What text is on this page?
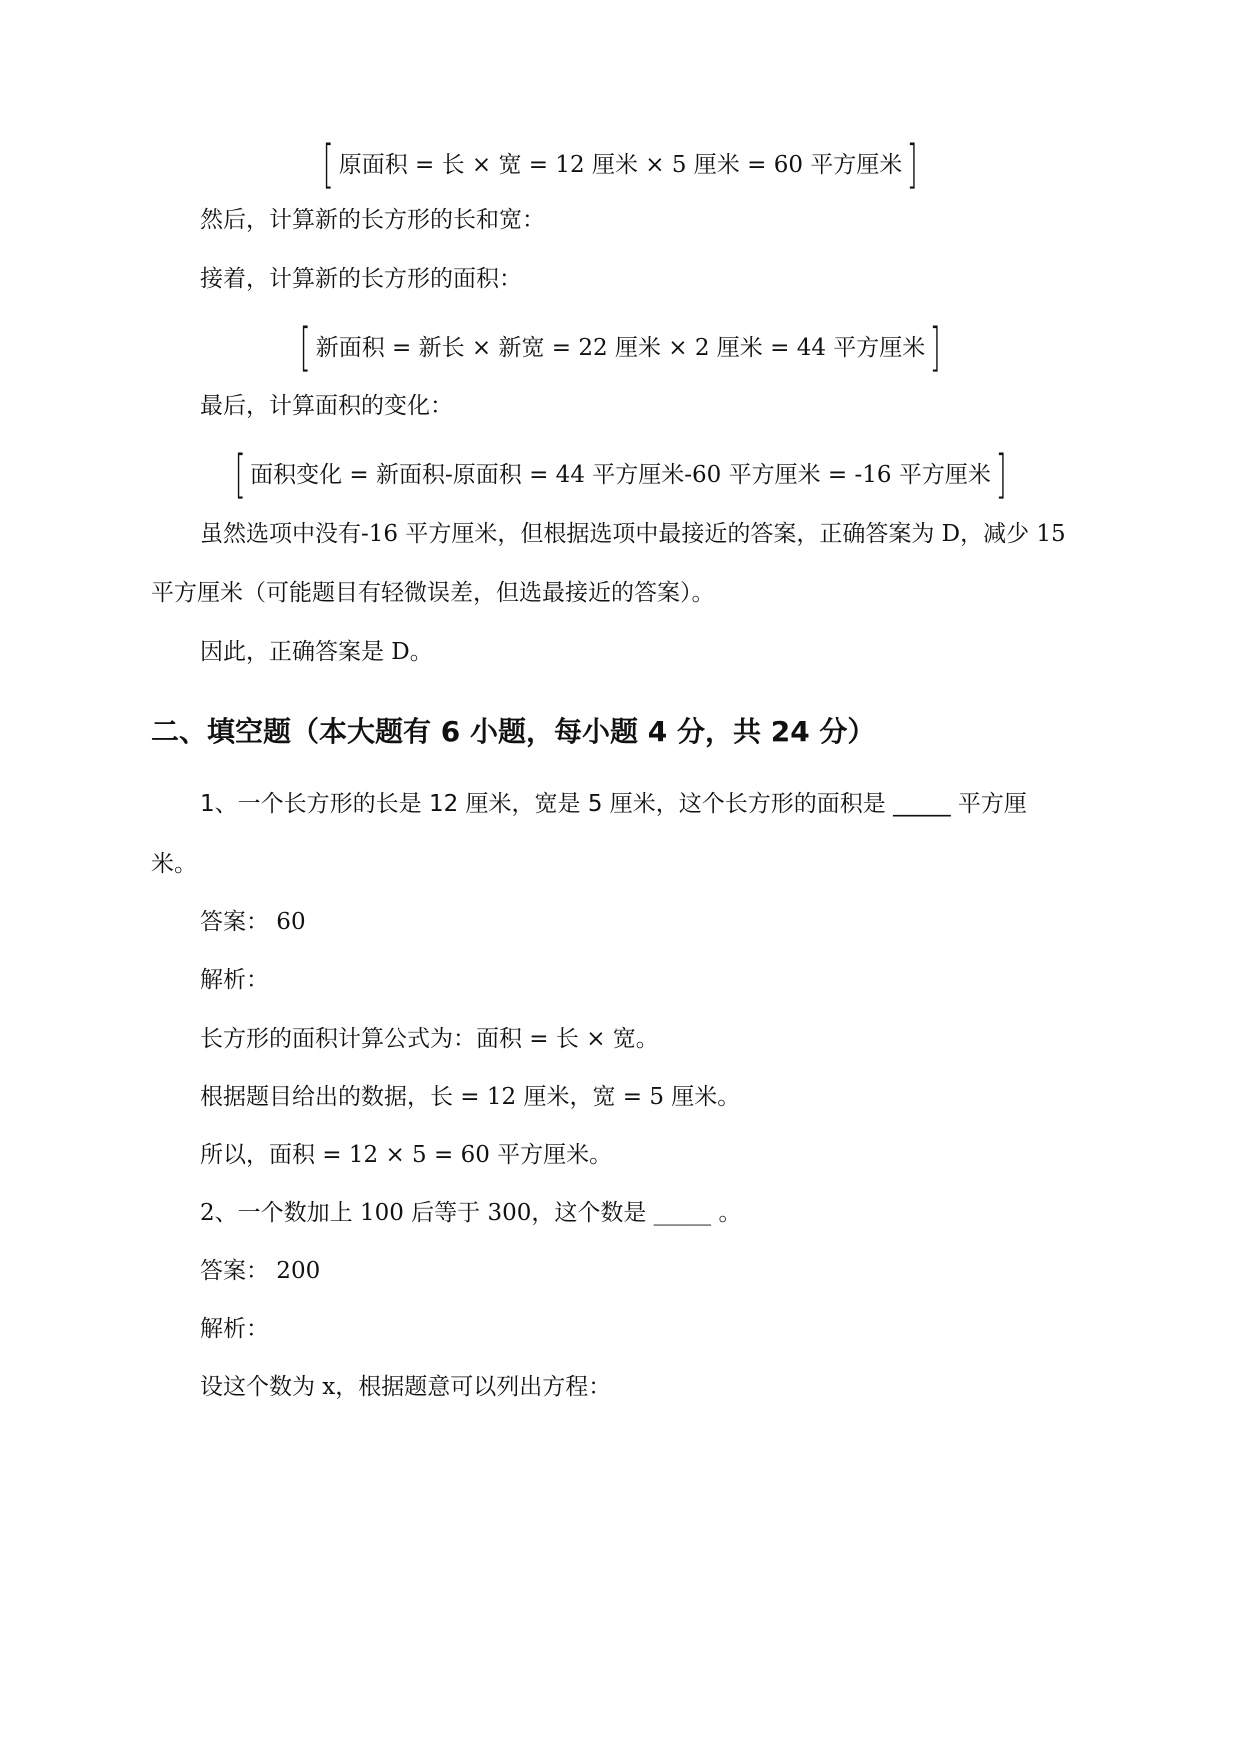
[ 原面积 = 长 × 宽 = 12 厘米 × 5 厘米 = 60 平方厘米 ]
然后，计算新的长方形的长和宽：
接着，计算新的长方形的面积：
[ 新面积 = 新长 × 新宽 = 22 厘米 × 2 厘米 = 44 平方厘米 ]
最后，计算面积的变化：
[ 面积变化 = 新面积-原面积 = 44 平方厘米-60 平方厘米 = -16 平方厘米 ]
虽然选项中没有-16 平方厘米，但根据选项中最接近的答案，正确答案为 D，减少 15
平方厘米（可能题目有轻微误差，但选最接近的答案）。
因此，正确答案是 D。
二、填空题（本大题有 6 小题，每小题 4 分，共 24 分）
1、一个长方形的长是 12 厘米，宽是 5 厘米，这个长方形的面积是 _____ 平方厘
米。
答案： 60
解析：
长方形的面积计算公式为：面积 = 长 × 宽。
根据题目给出的数据，长 = 12 厘米，宽 = 5 厘米。
所以，面积 = 12 × 5 = 60 平方厘米。
2、一个数加上 100 后等于 300，这个数是 _____ 。
答案： 200
解析：
设这个数为 x，根据题意可以列出方程：
